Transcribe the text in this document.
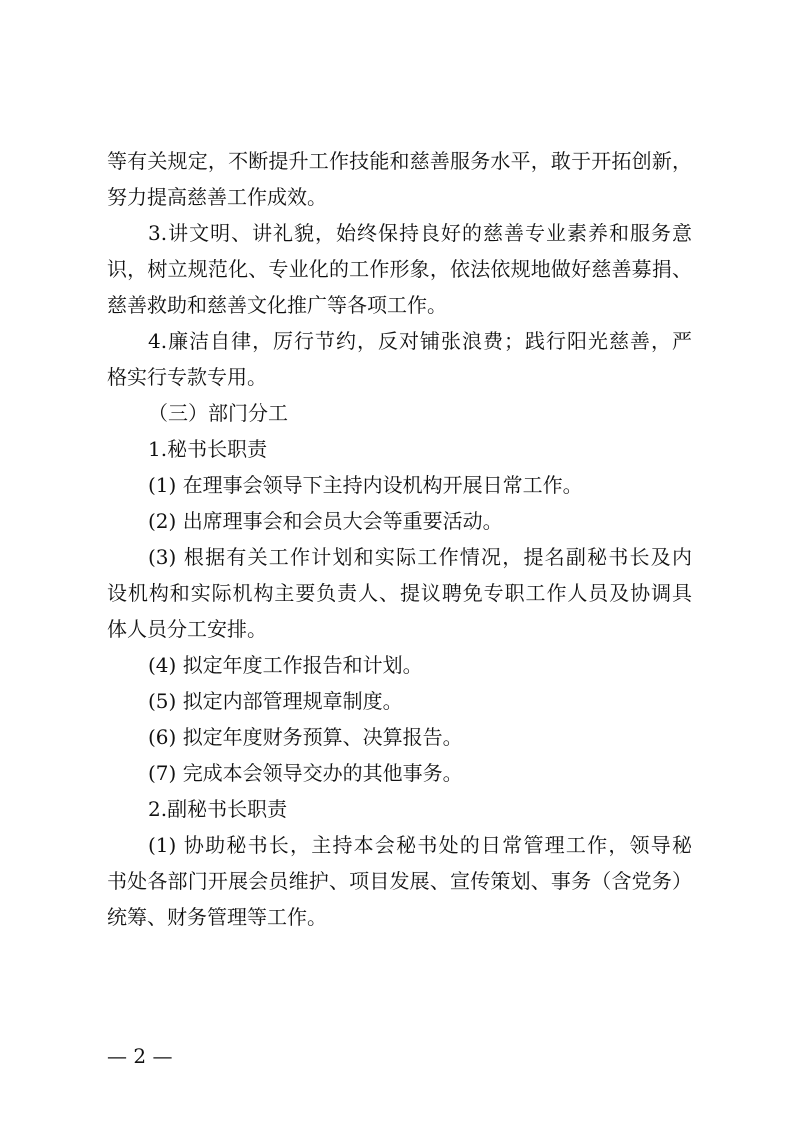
等有关规定，不断提升工作技能和慈善服务水平，敢于开拓创新，

努力提高慈善工作成效。

3.讲文明、讲礼貌，始终保持良好的慈善专业素养和服务意

识，树立规范化、专业化的工作形象，依法依规地做好慈善募捐、

慈善救助和慈善文化推广等各项工作。

4.廉洁自律，厉行节约，反对铺张浪费；践行阳光慈善，严

格实行专款专用。

（三）部门分工

1.秘书长职责

(1) 在理事会领导下主持内设机构开展日常工作。

(2) 出席理事会和会员大会等重要活动。

(3) 根据有关工作计划和实际工作情况，提名副秘书长及内

设机构和实际机构主要负责人、提议聘免专职工作人员及协调具

体人员分工安排。

(4) 拟定年度工作报告和计划。

(5) 拟定内部管理规章制度。

(6) 拟定年度财务预算、决算报告。

(7) 完成本会领导交办的其他事务。

2.副秘书长职责

(1) 协助秘书长，主持本会秘书处的日常管理工作，领导秘

书处各部门开展会员维护、项目发展、宣传策划、事务（含党务）

统筹、财务管理等工作。

— 2 —
